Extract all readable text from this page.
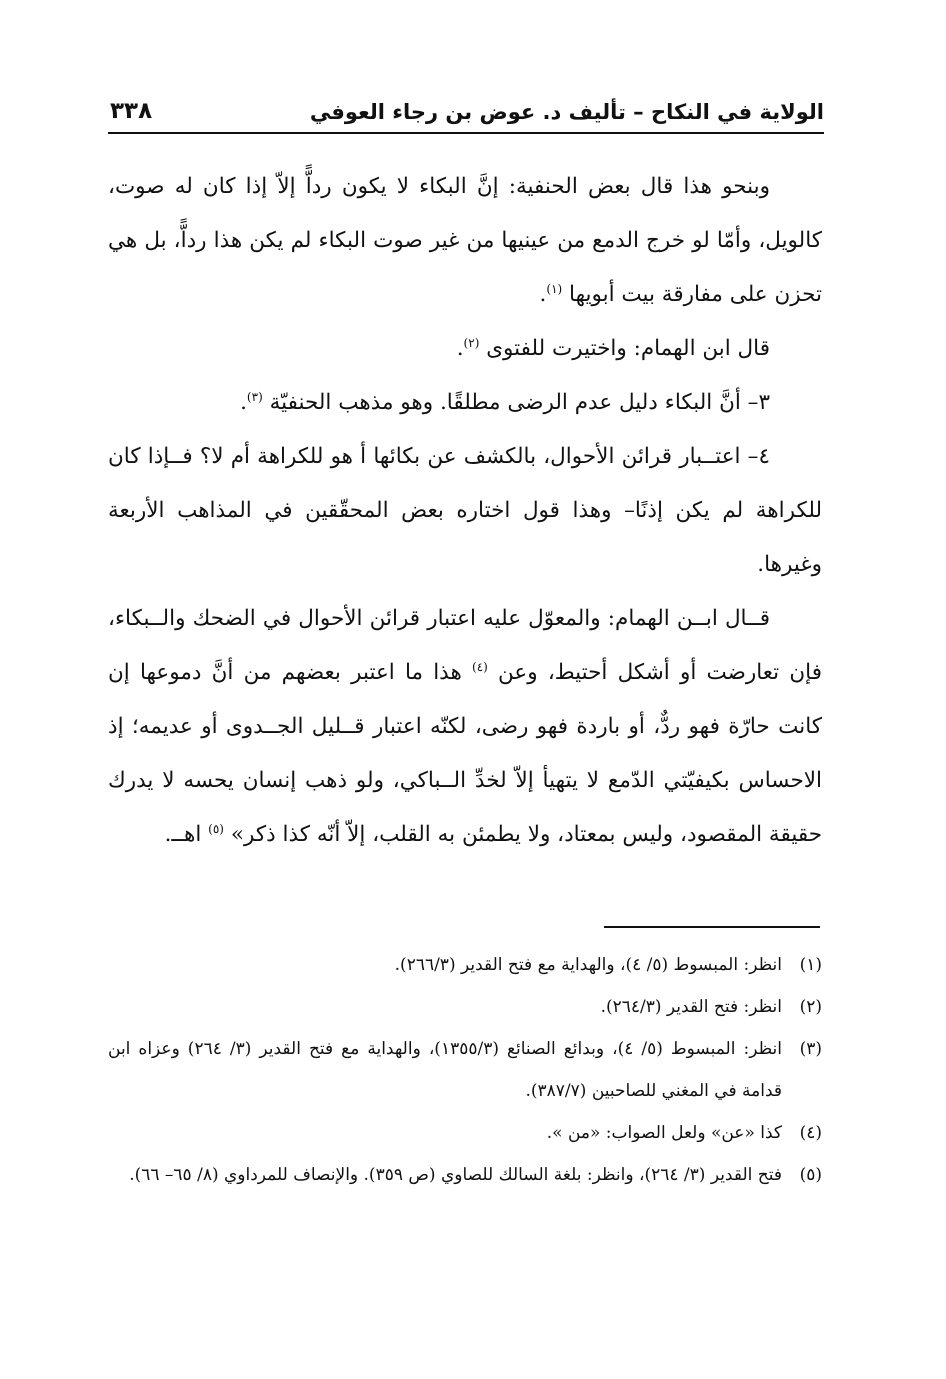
الولاية في النكاح – تأليف د. عوض بن رجاء العوفي
٣٣٨

وبنحو هذا قال بعض الحنفية: إنَّ البكاء لا يكون رداًّ إلاّ إذا كان له صوت، كالويل، وأمّا لو خرج الدمع من عينيها من غير صوت البكاء لم يكن هذا رداًّ، بل هي تحزن على مفارقة بيت أبويها $^{(١)}$.

قال ابن الهمام: واختيرت للفتوى $^{(٢)}$.

٣– أنَّ البكاء دليل عدم الرضى مطلقًا. وهو مذهب الحنفيّة $^{(٣)}$.

٤– اعتــبار قرائن الأحوال، بالكشف عن بكائها أ هو للكراهة أم لا؟ فــإذا كان للكراهة لم يكن إذنًا– وهذا قول اختاره بعض المحقّقين في المذاهب الأربعة وغيرها.

قــال ابــن الهمام: والمعوّل عليه اعتبار قرائن الأحوال في الضحك والــبكاء، فإن تعارضت أو أشكل أحتيط، وعن $^{(٤)}$ هذا ما اعتبر بعضهم من أنَّ دموعها إن كانت حارّة فهو ردٌّ، أو باردة فهو رضى، لكنّه اعتبار قــليل الجــدوى أو عديمه؛ إذ الاحساس بكيفيّتي الدّمع لا يتهيأ إلاّ لخدِّ الــباكي، ولو ذهب إنسان يحسه لا يدرك حقيقة المقصود، وليس بمعتاد، ولا يطمئن به القلب، إلاّ أنّه كذا ذكر» $^{(٥)}$ اهــ.

(١)انظر: المبسوط (٥/ ٤)، والهداية مع فتح القدير (٢٦٦/٣).

(٢)انظر: فتح القدير (٢٦٤/٣).

(٣)انظر: المبسوط (٥/ ٤)، وبدائع الصنائع (١٣٥٥/٣)، والهداية مع فتح القدير (٣/ ٢٦٤) وعزاه ابن قدامة في المغني للصاحبين (٣٨٧/٧).

(٤)كذا «عن» ولعل الصواب: «من ».

(٥)فتح القدير (٣/ ٢٦٤)، وانظر: بلغة السالك للصاوي (ص ٣٥٩). والإنصاف للمرداوي (٨/ ٦٥– ٦٦).
